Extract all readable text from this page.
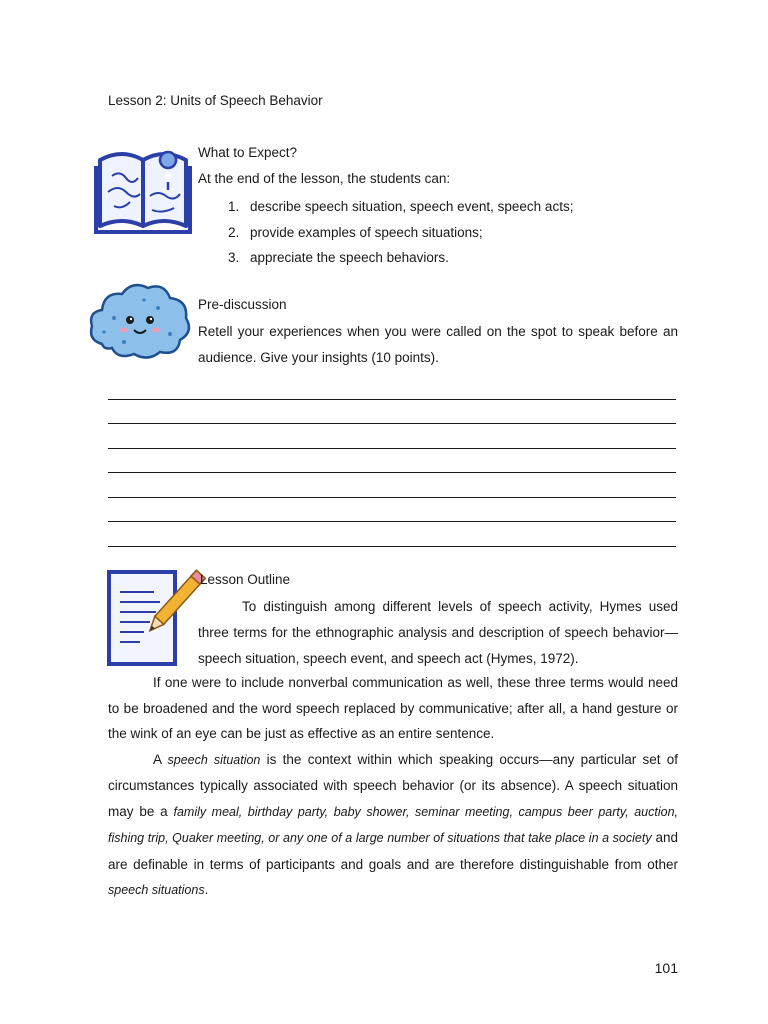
Lesson 2: Units of Speech Behavior
What to Expect?
At the end of the lesson, the students can:
1. describe speech situation, speech event, speech acts;
2. provide examples of speech situations;
3. appreciate the speech behaviors.
Pre-discussion
Retell your experiences when you were called on the spot to speak before an
audience. Give your insights (10 points).
Lesson Outline
To distinguish among different levels of speech activity, Hymes used
three terms for the ethnographic analysis and description of speech behavior—
speech situation, speech event, and speech act (Hymes, 1972).

If one were to include nonverbal communication as well, these three terms would need to be broadened and the word speech replaced by communicative; after all, a hand gesture or the wink of an eye can be just as effective as an entire sentence.

A speech situation is the context within which speaking occurs—any particular set of circumstances typically associated with speech behavior (or its absence). A speech situation may be a family meal, birthday party, baby shower, seminar meeting, campus beer party, auction, fishing trip, Quaker meeting, or any one of a large number of situations that take place in a society and are definable in terms of participants and goals and are therefore distinguishable from other speech situations.

101
